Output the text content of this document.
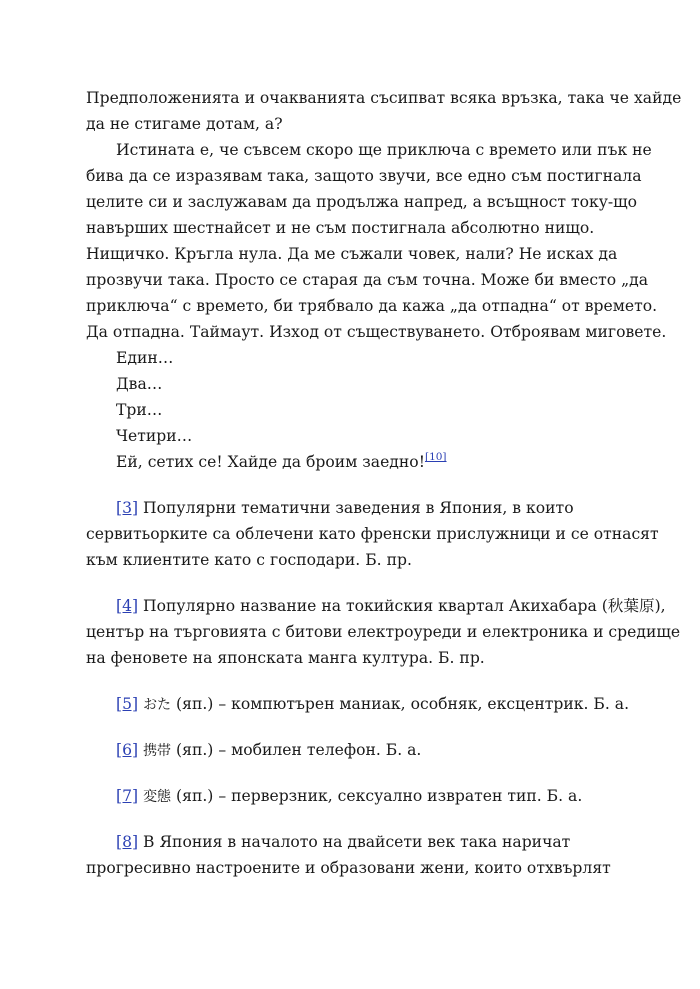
Предположенията и очакванията съсипват всяка връзка, така че хайде
да не стигаме дотам, а?

Истината е, че съвсем скоро ще приключа с времето или пък не
бива да се изразявам така, защото звучи, все едно съм постигнала
целите си и заслужавам да продължа напред, а всъщност току-що
навърших шестнайсет и не съм постигнала абсолютно нищо.
Нищичко. Кръгла нула. Да ме съжали човек, нали? Не исках да
прозвучи така. Просто се старая да съм точна. Може би вместо „да
приключа“ с времето, би трябвало да кажа „да отпадна“ от времето.
Да отпадна. Таймаут. Изход от съществуването. Отброявам миговете.

Един…
Два…
Три…
Четири…
Ей, сетих се! Хайде да броим заедно![10]

[3] Популярни тематични заведения в Япония, в които
сервитьорките са облечени като френски прислужници и се отнасят
към клиентите като с господари. Б. пр.

[4] Популярно название на токийския квартал Акихабара (秋葉原),
център на търговията с битови електроуреди и електроника и средище
на феновете на японската манга култура. Б. пр.

[5] おた (яп.) – компютърен маниак, особняк, ексцентрик. Б. а.

[6] 携帯 (яп.) – мобилен телефон. Б. а.

[7] 変態 (яп.) – перверзник, сексуално извратен тип. Б. а.

[8] В Япония в началото на двайсети век така наричат
прогресивно настроените и образовани жени, които отхвърлят
